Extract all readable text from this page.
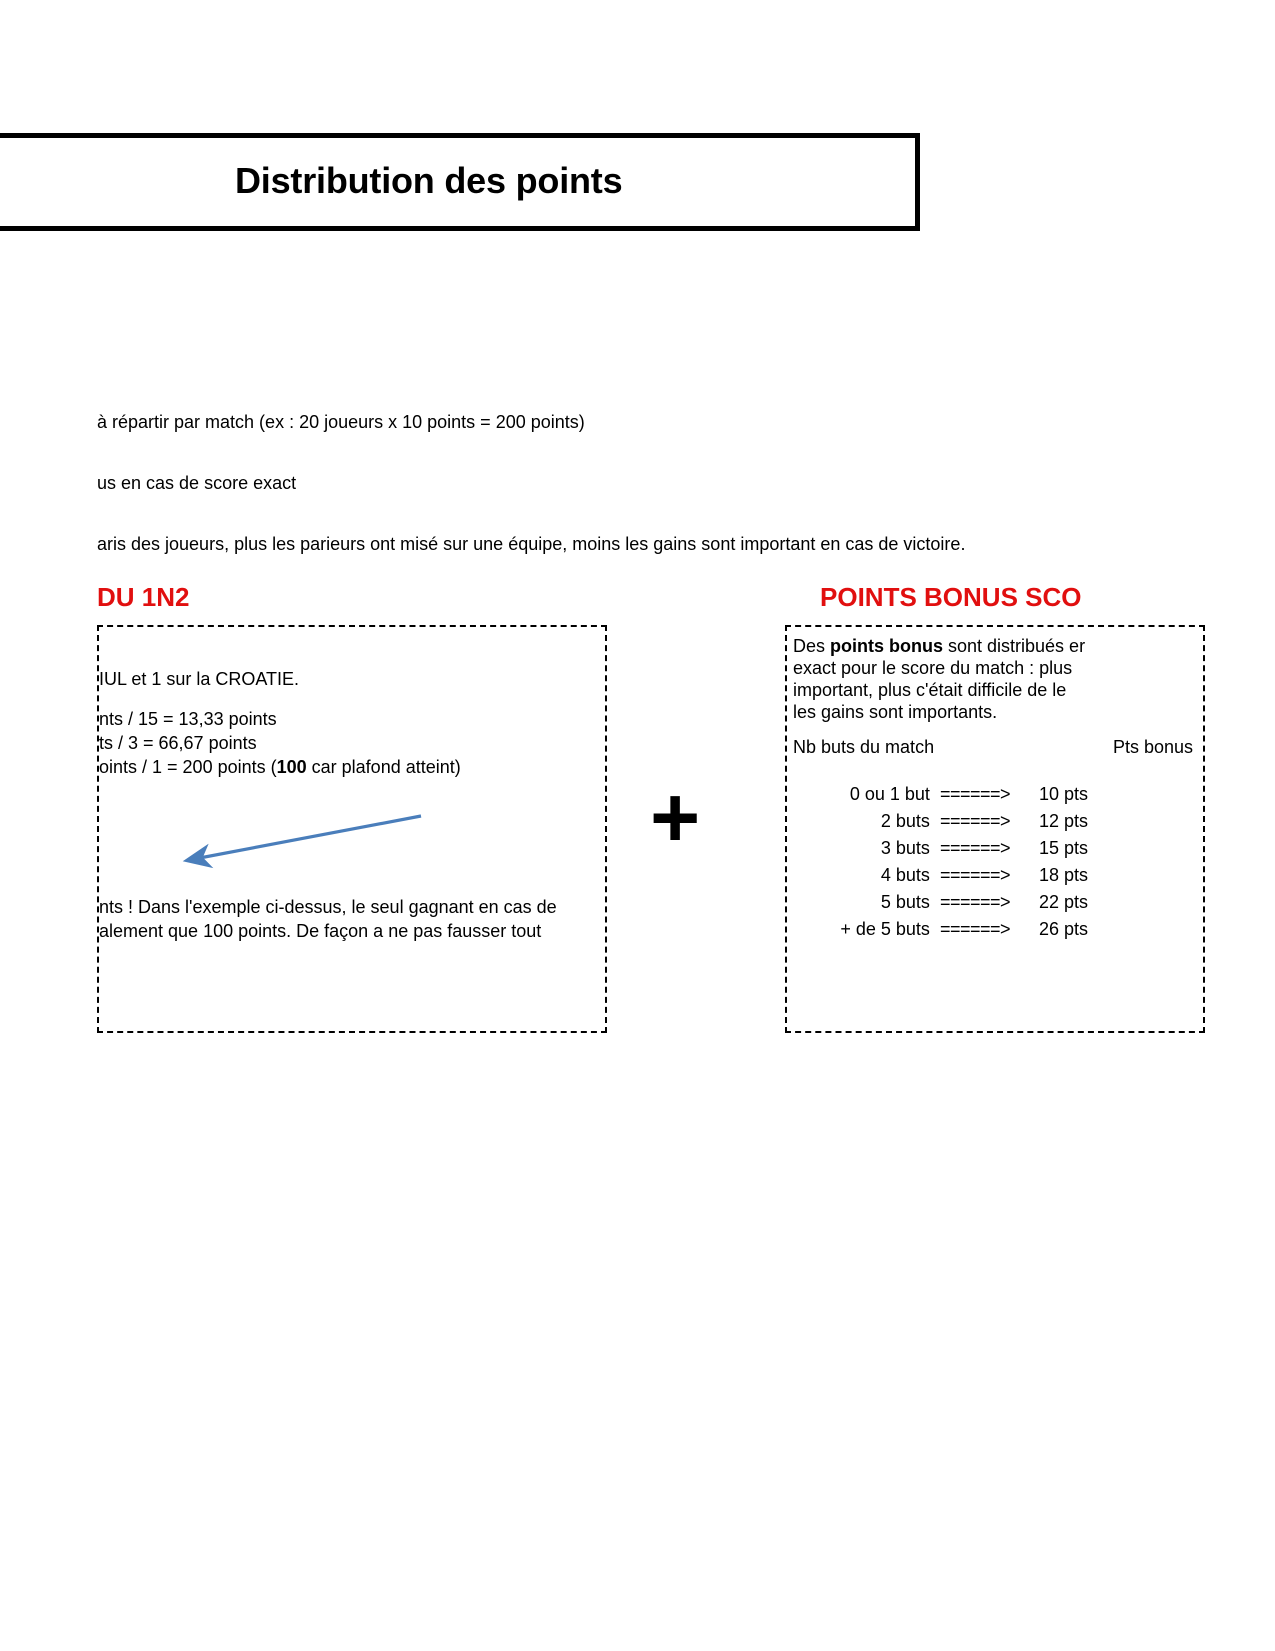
Distribution des points
à répartir par match (ex : 20 joueurs x 10 points = 200 points)
us en cas de score exact
aris des joueurs, plus les parieurs ont misé sur une équipe, moins les gains sont important en cas de victoire.
DU 1N2	POINTS BONUS SCO
IUL et 1 sur la CROATIE.
nts / 15 = 13,33 points
ts / 3 = 66,67 points
oints / 1 = 200 points (100 car plafond atteint)
nts ! Dans l'exemple ci-dessus, le seul gagnant en cas de
alement que 100 points. De façon a ne pas fausser tout
+
Des points bonus sont distribués er
exact pour le score du match : plus
important, plus c'était difficile de le
les gains sont importants.
Nb buts du match		Pts bonus
0 ou 1 but	======>	10 pts
2 buts	======>	12 pts
3 buts	======>	15 pts
4 buts	======>	18 pts
5 buts	======>	22 pts
+ de 5 buts	======>	26 pts
